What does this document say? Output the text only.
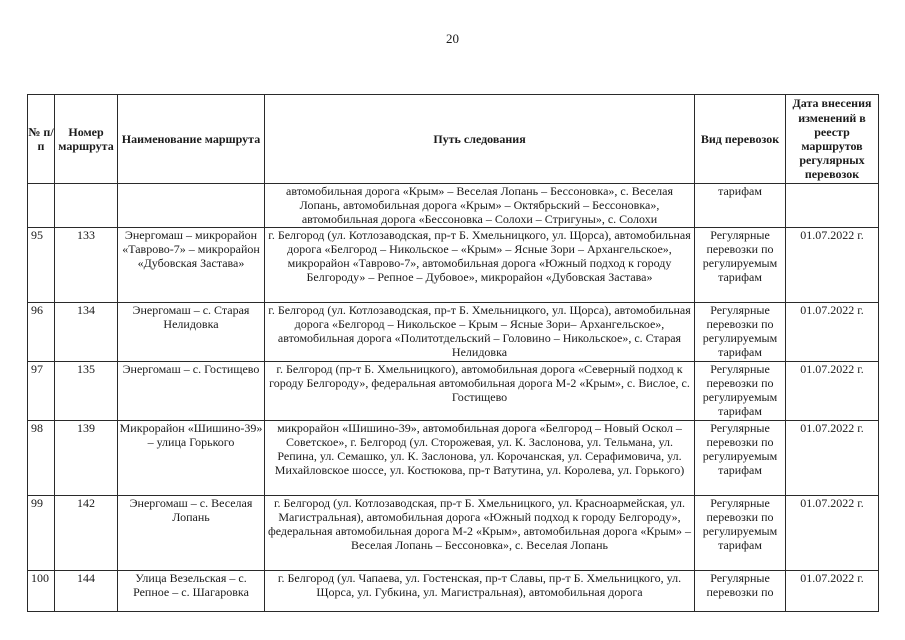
20
№ п/п	Номер маршрута	Наименование маршрута	Путь следования	Вид перевозок	Дата внесения изменений в реестр маршрутов регулярных перевозок
			автомобильная дорога «Крым» – Веселая Лопань – Бессоновка», с. Веселая Лопань, автомобильная дорога «Крым» – Октябрьский – Бессоновка», автомобильная дорога «Бессоновка – Солохи – Стригуны», с. Солохи	тарифам	
95	133	Энергомаш – микрорайон «Таврово-7» – микрорайон «Дубовская Застава»	г. Белгород (ул. Котлозаводская, пр-т Б. Хмельницкого, ул. Щорса), автомобильная дорога «Белгород – Никольское – «Крым» – Ясные Зори – Архангельское», микрорайон «Таврово-7», автомобильная дорога «Южный подход к городу Белгороду» – Репное – Дубовое», микрорайон «Дубовская Застава»	Регулярные перевозки по регулируемым тарифам	01.07.2022 г.
96	134	Энергомаш – с. Старая Нелидовка	г. Белгород (ул. Котлозаводская, пр-т Б. Хмельницкого, ул. Щорса), автомобильная дорога «Белгород – Никольское – Крым – Ясные Зори– Архангельское», автомобильная дорога «Политотдельский – Головино – Никольское», с. Старая Нелидовка	Регулярные перевозки по регулируемым тарифам	01.07.2022 г.
97	135	Энергомаш – с. Гостищево	г. Белгород (пр-т Б. Хмельницкого), автомобильная дорога «Северный подход к городу Белгороду», федеральная автомобильная дорога М-2 «Крым», с. Вислое, с. Гостищево	Регулярные перевозки по регулируемым тарифам	01.07.2022 г.
98	139	Микрорайон «Шишино-39» – улица Горького	микрорайон «Шишино-39», автомобильная дорога «Белгород – Новый Оскол – Советское», г. Белгород (ул. Сторожевая, ул. К. Заслонова, ул. Тельмана, ул. Репина, ул. Семашко, ул. К. Заслонова, ул. Корочанская, ул. Серафимовича, ул. Михайловское шоссе, ул. Костюкова, пр-т Ватутина, ул. Королева, ул. Горького)	Регулярные перевозки по регулируемым тарифам	01.07.2022 г.
99	142	Энергомаш – с. Веселая Лопань	г. Белгород (ул. Котлозаводская, пр-т Б. Хмельницкого, ул. Красноармейская, ул. Магистральная), автомобильная дорога «Южный подход к городу Белгороду», федеральная автомобильная дорога М-2 «Крым», автомобильная дорога «Крым» – Веселая Лопань – Бессоновка», с. Веселая Лопань	Регулярные перевозки по регулируемым тарифам	01.07.2022 г.
100	144	Улица Везельская – с. Репное – с. Шагаровка	г. Белгород (ул. Чапаева, ул. Гостенская, пр-т Славы, пр-т Б. Хмельницкого, ул. Щорса, ул. Губкина, ул. Магистральная), автомобильная дорога	Регулярные перевозки по	01.07.2022 г.
